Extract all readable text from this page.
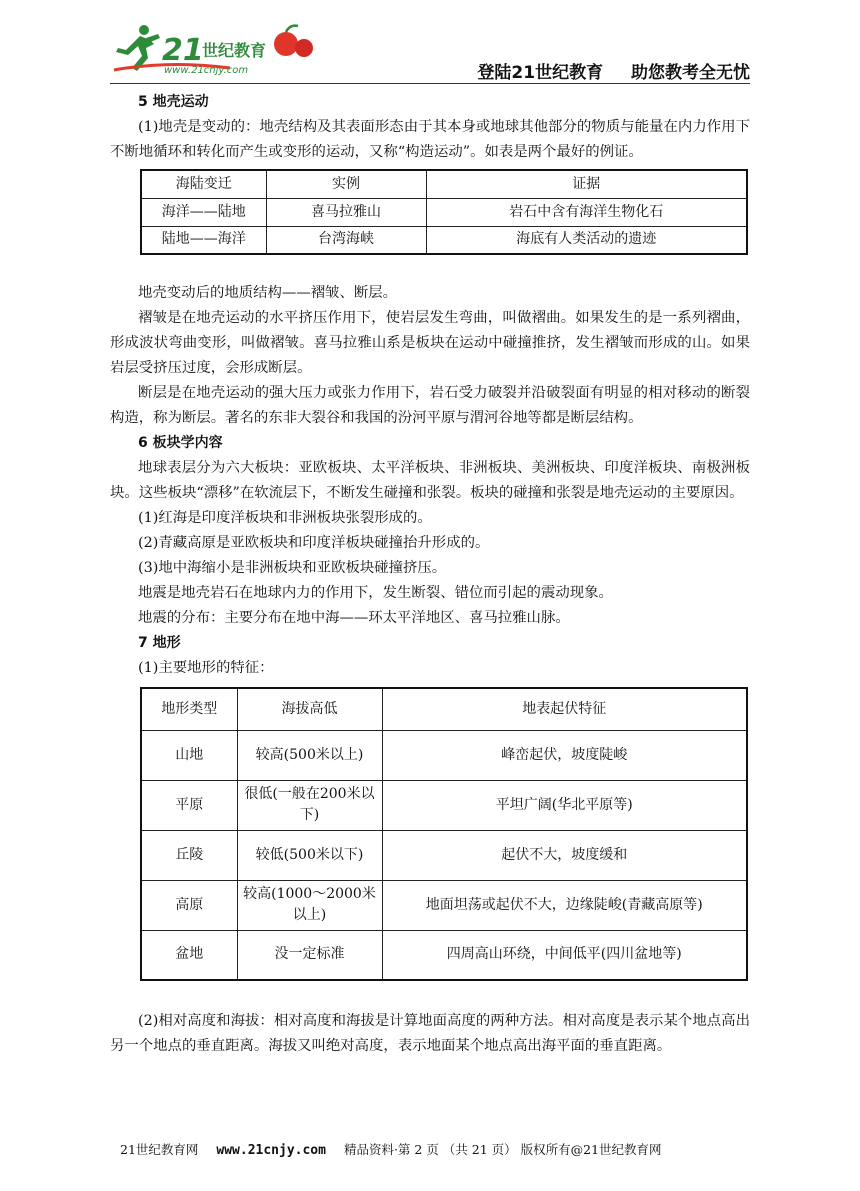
21
世纪教育
www.21cnjy.com	登陆21世纪教育 助您教考全无忧
5 地壳运动
(1)地壳是变动的：地壳结构及其表面形态由于其本身或地球其他部分的物质与能量在内力作用下不断地循环和转化而产生或变形的运动，又称“构造运动”。如表是两个最好的例证。
海陆变迁	实例	证据
海洋——陆地	喜马拉雅山	岩石中含有海洋生物化石
陆地——海洋	台湾海峡	海底有人类活动的遗迹
地壳变动后的地质结构——褶皱、断层。
褶皱是在地壳运动的水平挤压作用下，使岩层发生弯曲，叫做褶曲。如果发生的是一系列褶曲，形成波状弯曲变形，叫做褶皱。喜马拉雅山系是板块在运动中碰撞推挤，发生褶皱而形成的山。如果岩层受挤压过度，会形成断层。
断层是在地壳运动的强大压力或张力作用下，岩石受力破裂并沿破裂面有明显的相对移动的断裂构造，称为断层。著名的东非大裂谷和我国的汾河平原与渭河谷地等都是断层结构。
6 板块学内容
地球表层分为六大板块：亚欧板块、太平洋板块、非洲板块、美洲板块、印度洋板块、南极洲板块。这些板块“漂移”在软流层下，不断发生碰撞和张裂。板块的碰撞和张裂是地壳运动的主要原因。
(1)红海是印度洋板块和非洲板块张裂形成的。
(2)青藏高原是亚欧板块和印度洋板块碰撞抬升形成的。
(3)地中海缩小是非洲板块和亚欧板块碰撞挤压。
地震是地壳岩石在地球内力的作用下，发生断裂、错位而引起的震动现象。
地震的分布：主要分布在地中海——环太平洋地区、喜马拉雅山脉。
7 地形
(1)主要地形的特征：
地形类型	海拔高低	地表起伏特征
山地	较高(500米以上)	峰峦起伏，坡度陡峻
平原	很低(一般在200米以下)	平坦广阔(华北平原等)
丘陵	较低(500米以下)	起伏不大，坡度缓和
高原	较高(1000～2000米以上)	地面坦荡或起伏不大，边缘陡峻(青藏高原等)
盆地	没一定标准	四周高山环绕，中间低平(四川盆地等)
(2)相对高度和海拔：相对高度和海拔是计算地面高度的两种方法。相对高度是表示某个地点高出另一个地点的垂直距离。海拔又叫绝对高度，表示地面某个地点高出海平面的垂直距离。
21世纪教育网 www.21cnjy.com 精品资料·第 2 页 （共 21 页） 版权所有@21世纪教育网
